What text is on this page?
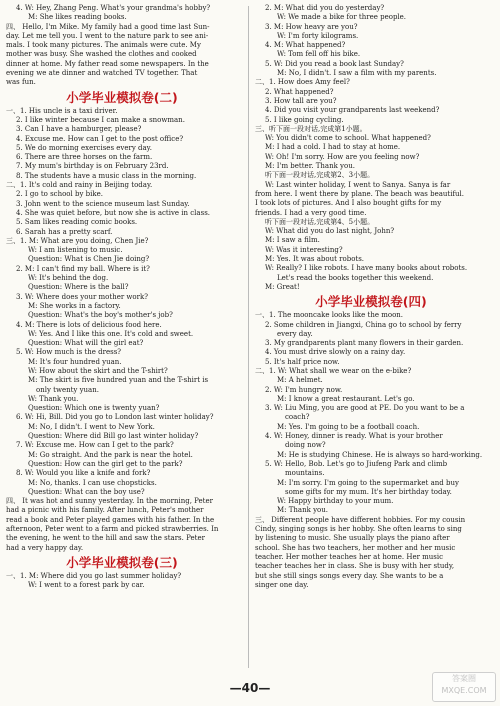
4. W: Hey, Zhang Peng. What's your grandma's hobby?
M: She likes reading books.
四、 Hello, I'm Mike. My family had a good time last Sun-
day. Let me tell you. I went to the nature park to see ani-
mals. I took many pictures. The animals were cute. My
mother was busy. She washed the clothes and cooked
dinner at home. My father read some newspapers. In the
evening we ate dinner and watched TV together. That
was fun.
小学毕业模拟卷(二)
一、1. His uncle is a taxi driver.
2. I like winter because I can make a snowman.
3. Can I have a hamburger, please?
4. Excuse me. How can I get to the post office?
5. We do morning exercises every day.
6. There are three horses on the farm.
7. My mum's birthday is on February 23rd.
8. The students have a music class in the morning.
二、1. It's cold and rainy in Beijing today.
2. I go to school by bike.
3. John went to the science museum last Sunday.
4. She was quiet before, but now she is active in class.
5. Sam likes reading comic books.
6. Sarah has a pretty scarf.
三、1. M: What are you doing, Chen Jie?
W: I am listening to music.
Question: What is Chen Jie doing?
2. M: I can't find my ball. Where is it?
W: It's behind the dog.
Question: Where is the ball?
3. W: Where does your mother work?
M: She works in a factory.
Question: What's the boy's mother's job?
4. M: There is lots of delicious food here.
W: Yes. And I like this one. It's cold and sweet.
Question: What will the girl eat?
5. W: How much is the dress?
M: It's four hundred yuan.
W: How about the skirt and the T-shirt?
M: The skirt is five hundred yuan and the T-shirt is
only twenty yuan.
W: Thank you.
Question: Which one is twenty yuan?
6. W: Hi, Bill. Did you go to London last winter holiday?
M: No, I didn't. I went to New York.
Question: Where did Bill go last winter holiday?
7. W: Excuse me. How can I get to the park?
M: Go straight. And the park is near the hotel.
Question: How can the girl get to the park?
8. W: Would you like a knife and fork?
M: No, thanks. I can use chopsticks.
Question: What can the boy use?
四、 It was hot and sunny yesterday. In the morning, Peter
had a picnic with his family. After lunch, Peter's mother
read a book and Peter played games with his father. In the
afternoon, Peter went to a farm and picked strawberries. In
the evening, he went to the hill and saw the stars. Peter
had a very happy day.
小学毕业模拟卷(三)
一、1. M: Where did you go last summer holiday?
W: I went to a forest park by car.
2. M: What did you do yesterday?
W: We made a bike for three people.
3. M: How heavy are you?
W: I'm forty kilograms.
4. M: What happened?
W: Tom fell off his bike.
5. W: Did you read a book last Sunday?
M: No, I didn't. I saw a film with my parents.
二、1. How does Amy feel?
2. What happened?
3. How tall are you?
4. Did you visit your grandparents last weekend?
5. I like going cycling.
三、听下面一段对话,完成第1小题。
W: You didn't come to school. What happened?
M: I had a cold. I had to stay at home.
W: Oh! I'm sorry. How are you feeling now?
M: I'm better. Thank you.
听下面一段对话,完成第2、3小题。
W: Last winter holiday, I went to Sanya. Sanya is far
from here. I went there by plane. The beach was beautiful.
I took lots of pictures. And I also bought gifts for my
friends. I had a very good time.
听下面一段对话,完成第4、5小题。
W: What did you do last night, John?
M: I saw a film.
W: Was it interesting?
M: Yes. It was about robots.
W: Really? I like robots. I have many books about robots.
Let's read the books together this weekend.
M: Great!
小学毕业模拟卷(四)
一、1. The mooncake looks like the moon.
2. Some children in Jiangxi, China go to school by ferry
every day.
3. My grandparents plant many flowers in their garden.
4. You must drive slowly on a rainy day.
5. It's half price now.
二、1. W: What shall we wear on the e-bike?
M: A helmet.
2. W: I'm hungry now.
M: I know a great restaurant. Let's go.
3. W: Liu Ming, you are good at PE. Do you want to be a
coach?
M: Yes. I'm going to be a football coach.
4. W: Honey, dinner is ready. What is your brother
doing now?
M: He is studying Chinese. He is always so hard-working.
5. W: Hello, Bob. Let's go to Jiufeng Park and climb
mountains.
M: I'm sorry. I'm going to the supermarket and buy
some gifts for my mum. It's her birthday today.
W: Happy birthday to your mum.
M: Thank you.
三、 Different people have different hobbies. For my cousin
Cindy, singing songs is her hobby. She often learns to sing
by listening to music. She usually plays the piano after
school. She has two teachers, her mother and her music
teacher. Her mother teaches her at home. Her music
teacher teaches her in class. She is busy with her study,
but she still sings songs every day. She wants to be a
singer one day.
—40—
答案圈
MXQE.COM
